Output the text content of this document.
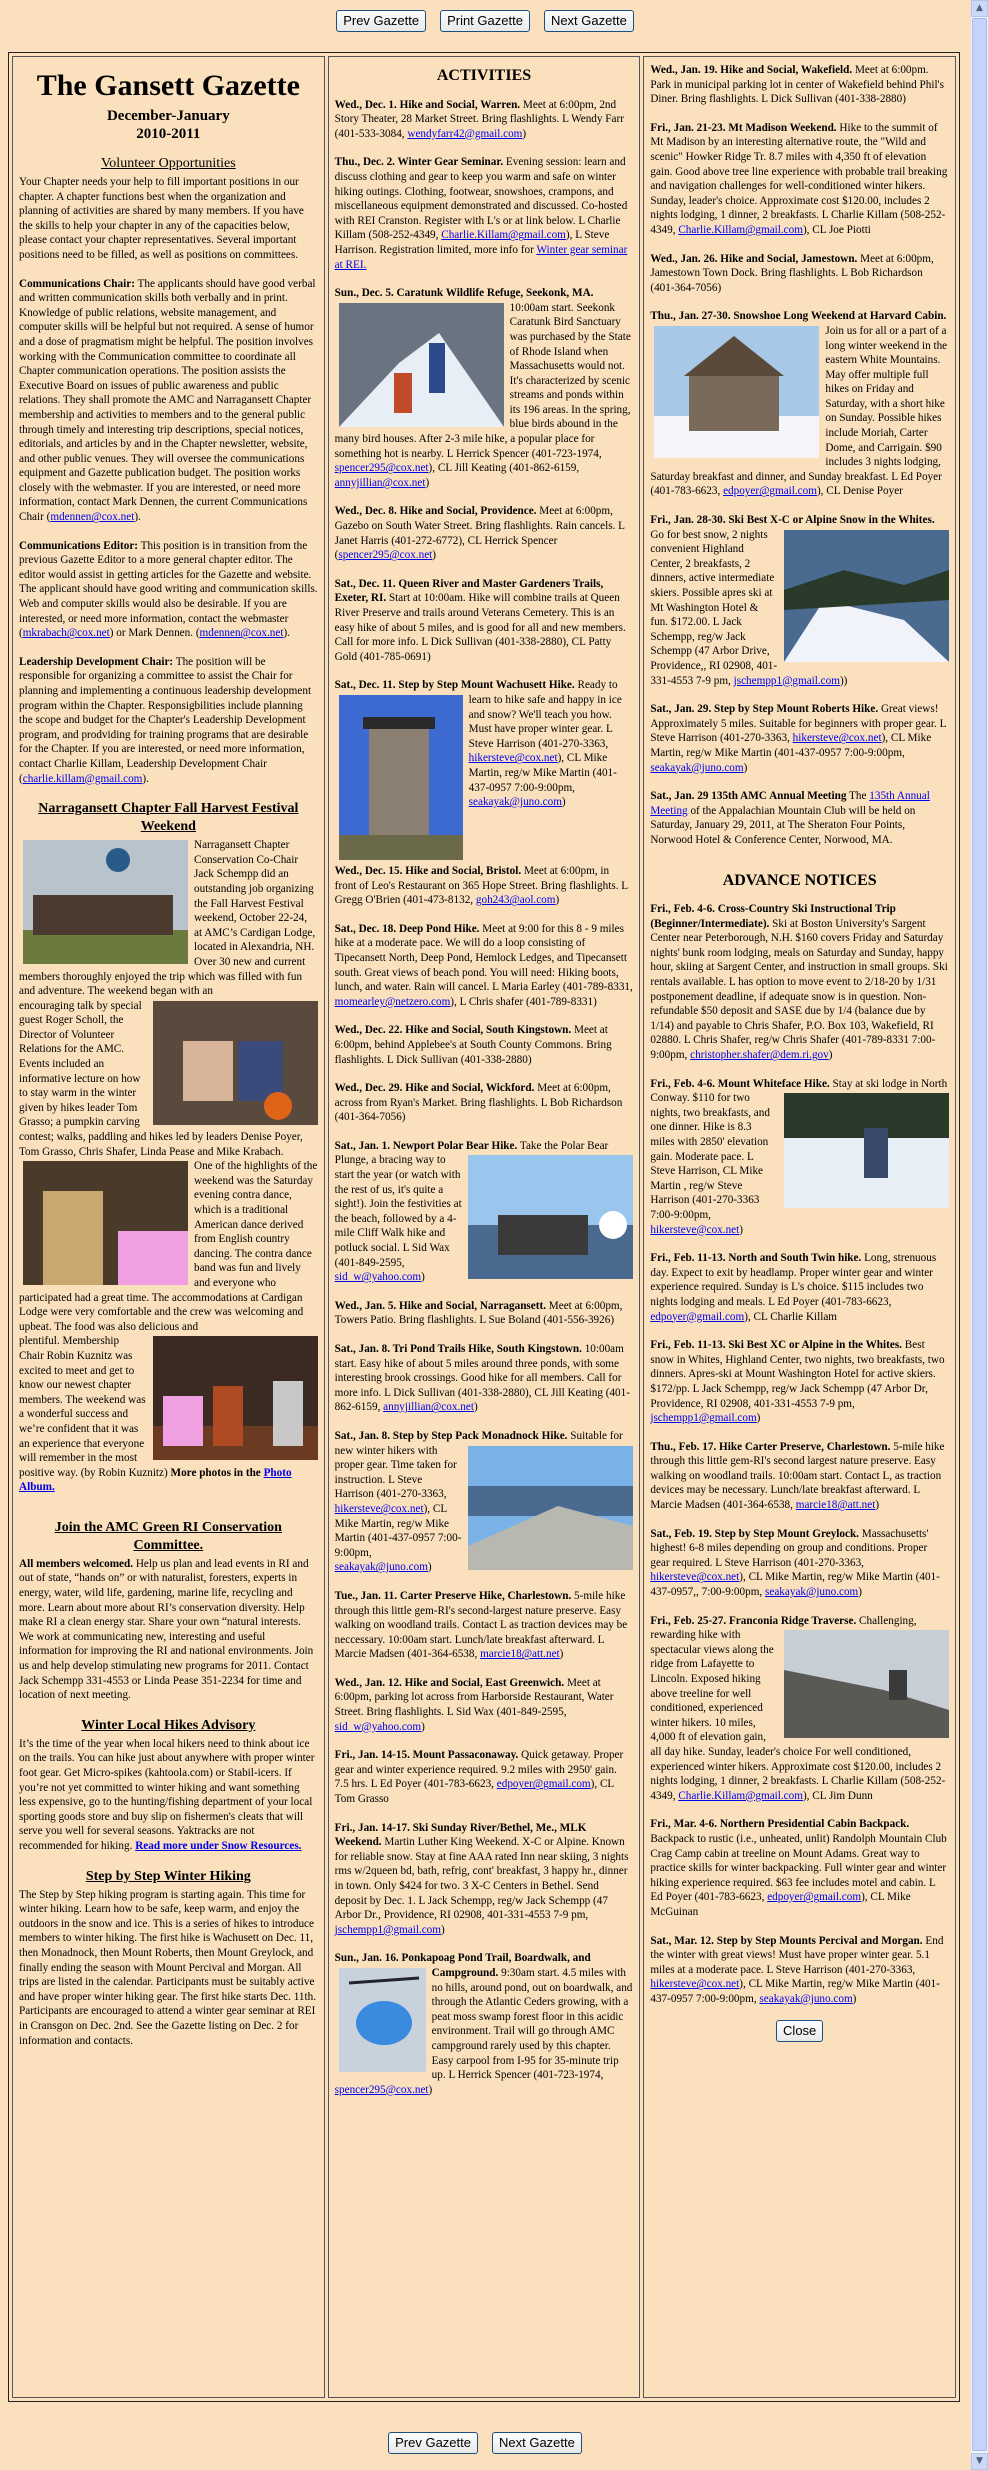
Prev Gazette Print Gazette Next Gazette
The Gansett Gazette
December-January
2010-2011
Volunteer Opportunities

Your Chapter needs your help to fill important positions in our chapter. A chapter functions best when the organization and planning of activities are shared by many members. If you have the skills to help your chapter in any of the capacities below, please contact your chapter representatives. Several important positions need to be filled, as well as positions on committees.

Communications Chair: The applicants should have good verbal and written communication skills both verbally and in print. Knowledge of public relations, website management, and computer skills will be helpful but not required. A sense of humor and a dose of pragmatism might be helpful. The position involves working with the Communication committee to coordinate all Chapter communication operations. The position assists the Executive Board on issues of public awareness and public relations. They shall promote the AMC and Narragansett Chapter membership and activities to members and to the general public through timely and interesting trip descriptions, special notices, editorials, and articles by and in the Chapter newsletter, website, and other public venues. They will oversee the communications equipment and Gazette publication budget. The position works closely with the webmaster. If you are interested, or need more information, contact Mark Dennen, the current Communications Chair (mdennen@cox.net).

Communications Editor: This position is in transition from the previous Gazette Editor to a more general chapter editor. The editor would assist in getting articles for the Gazette and website. The applicant should have good writing and communication skills. Web and computer skills would also be desirable. If you are interested, or need more information, contact the webmaster (mkrabach@cox.net) or Mark Dennen. (mdennen@cox.net).

Leadership Development Chair: The position will be responsible for organizing a committee to assist the Chair for planning and implementing a continuous leadership development program within the Chapter. Responsigbilities include planning the scope and budget for the Chapter's Leadership Development program, and prodviding for training programs that are desirable for the Chapter. If you are interested, or need more information, contact Charlie Killam, Leadership Development Chair (charlie.killam@gmail.com).

Narragansett Chapter Fall Harvest Festival Weekend

Narragansett Chapter Conservation Co-Chair Jack Schempp did an outstanding job organizing the Fall Harvest Festival weekend, October 22-24, at AMC’s Cardigan Lodge, located in Alexandria, NH. Over 30 new and current members thoroughly enjoyed the trip which was filled with fun and adventure. The weekend began with an

encouraging talk by special guest Roger Scholl, the Director of Volunteer Relations for the AMC. Events included an informative lecture on how to stay warm in the winter given by hikes leader Tom Grasso; a pumpkin carving contest; walks, paddling and hikes led by leaders Denise Poyer, Tom Grasso, Chris Shafer, Linda Pease and Mike Krabach.

One of the highlights of the weekend was the Saturday evening contra dance, which is a traditional American dance derived from English country dancing. The contra dance band was fun and lively and everyone who participated had a great time. The accommodations at Cardigan Lodge were very comfortable and the crew was welcoming and upbeat. The food was also delicious and

plentiful. Membership Chair Robin Kuznitz was excited to meet and get to know our newest chapter members. The weekend was a wonderful success and we’re confident that it was an experience that everyone will remember in the most positive way. (by Robin Kuznitz) More photos in the Photo Album.

Join the AMC Green RI Conservation Committee.

All members welcomed. Help us plan and lead events in RI and out of state, “hands on” or with naturalist, foresters, experts in energy, water, wild life, gardening, marine life, recycling and more. Learn about more about RI’s conservation diversity. Help make RI a clean energy star. Share your own “natural interests. We work at communicating new, interesting and useful information for improving the RI and national environments. Join us and help develop stimulating new programs for 2011. Contact Jack Schempp 331-4553 or Linda Pease 351-2234 for time and location of next meeting.

Winter Local Hikes Advisory

It’s the time of the year when local hikers need to think about ice on the trails. You can hike just about anywhere with proper winter foot gear. Get Micro-spikes (kahtoola.com) or Stabil-icers. If you’re not yet committed to winter hiking and want something less expensive, go to the hunting/fishing department of your local sporting goods store and buy slip on fishermen's cleats that will serve you well for several seasons. Yaktracks are not recommended for hiking. Read more under Snow Resources.

Step by Step Winter Hiking

The Step by Step hiking program is starting again. This time for winter hiking. Learn how to be safe, keep warm, and enjoy the outdoors in the snow and ice. This is a series of hikes to introduce members to winter hiking. The first hike is Wachusett on Dec. 11, then Monadnock, then Mount Roberts, then Mount Greylock, and finally ending the season with Mount Percival and Morgan. All trips are listed in the calendar. Participants must be suitably active and have proper winter hiking gear. The first hike starts Dec. 11th. Participants are encouraged to attend a winter gear seminar at REI in Cransgon on Dec. 2nd. See the Gazette listing on Dec. 2 for information and contacts.

ACTIVITIES

Wed., Dec. 1. Hike and Social, Warren. Meet at 6:00pm, 2nd Story Theater, 28 Market Street. Bring flashlights. L Wendy Farr (401-533-3084, wendyfarr42@gmail.com)

Thu., Dec. 2. Winter Gear Seminar. Evening session: learn and discuss clothing and gear to keep you warm and safe on winter hiking outings. Clothing, footwear, snowshoes, crampons, and miscellaneous equipment demonstrated and discussed. Co-hosted with REI Cranston. Register with L's or at link below. L Charlie Killam (508-252-4349, Charlie.Killam@gmail.com), L Steve Harrison. Registration limited, more info for Winter gear seminar at REI.

Sun., Dec. 5. Caratunk Wildlife Refuge, Seekonk, MA.
10:00am start. Seekonk Caratunk Bird Sanctuary was purchased by the State of Rhode Island when Massachusetts would not. It's characterized by scenic streams and ponds within its 196 areas. In the spring, blue birds abound in the many bird houses. After 2-3 mile hike, a popular place for something hot is nearby. L Herrick Spencer (401-723-1974, spencer295@cox.net), CL Jill Keating (401-862-6159, annyjillian@cox.net)

Wed., Dec. 8. Hike and Social, Providence. Meet at 6:00pm, Gazebo on South Water Street. Bring flashlights. Rain cancels. L Janet Harris (401-272-6772), CL Herrick Spencer (spencer295@cox.net)

Sat., Dec. 11. Queen River and Master Gardeners Trails, Exeter, RI. Start at 10:00am. Hike will combine trails at Queen River Preserve and trails around Veterans Cemetery. This is an easy hike of about 5 miles, and is good for all and new members. Call for more info. L Dick Sullivan (401-338-2880), CL Patty Gold (401-785-0691)

Sat., Dec. 11. Step by Step Mount Wachusett Hike.
Ready to learn to hike safe and happy in ice and snow? We'll teach you how. Must have proper winter gear. L Steve Harrison (401-270-3363, hikersteve@cox.net), CL Mike Martin, reg/w Mike Martin (401-437-0957 7:00-9:00pm, seakayak@juno.com)

Wed., Dec. 15. Hike and Social, Bristol. Meet at 6:00pm, in front of Leo's Restaurant on 365 Hope Street. Bring flashlights. L Gregg O'Brien (401-473-8132, goh243@aol.com)

Sat., Dec. 18. Deep Pond Hike. Meet at 9:00 for this 8 - 9 miles hike at a moderate pace. We will do a loop consisting of Tipecansett North, Deep Pond, Hemlock Ledges, and Tipecansett south. Great views of beach pond. You will need: Hiking boots, lunch, and water. Rain will cancel. L Maria Earley (401-789-8331, momearley@netzero.com), L Chris shafer (401-789-8331)

Wed., Dec. 22. Hike and Social, South Kingstown. Meet at 6:00pm, behind Applebee's at South County Commons. Bring flashlights. L Dick Sullivan (401-338-2880)

Wed., Dec. 29. Hike and Social, Wickford. Meet at 6:00pm, across from Ryan's Market. Bring flashlights. L Bob Richardson (401-364-7056)

Sat., Jan. 1. Newport Polar Bear Hike.
Take the Polar Bear Plunge, a bracing way to start the year (or watch with the rest of us, it's quite a sight!). Join the festivities at the beach, followed by a 4-mile Cliff Walk hike and potluck social. L Sid Wax (401-849-2595, sid_w@yahoo.com)

Wed., Jan. 5. Hike and Social, Narragansett. Meet at 6:00pm, Towers Patio. Bring flashlights. L Sue Boland (401-556-3926)

Sat., Jan. 8. Tri Pond Trails Hike, South Kingstown. 10:00am start. Easy hike of about 5 miles around three ponds, with some interesting brook crossings. Good hike for all members. Call for more info. L Dick Sullivan (401-338-2880), CL Jill Keating (401-862-6159, annyjillian@cox.net)

Sat., Jan. 8. Step by Step Pack Monadnock Hike.
Suitable for new winter hikers with proper gear. Time taken for instruction. L Steve Harrison (401-270-3363, hikersteve@cox.net), CL Mike Martin, reg/w Mike Martin (401-437-0957 7:00-9:00pm, seakayak@juno.com)

Tue., Jan. 11. Carter Preserve Hike, Charlestown. 5-mile hike through this little gem-RI's second-largest nature preserve. Easy walking on woodland trails. Contact L as traction devices may be neccessary. 10:00am start. Lunch/late breakfast afterward. L Marcie Madsen (401-364-6538, marcie18@att.net)

Wed., Jan. 12. Hike and Social, East Greenwich. Meet at 6:00pm, parking lot across from Harborside Restaurant, Water Street. Bring flashlights. L Sid Wax (401-849-2595, sid_w@yahoo.com)

Fri., Jan. 14-15. Mount Passaconaway. Quick getaway. Proper gear and winter experience required. 9.2 miles with 2950' gain. 7.5 hrs. L Ed Poyer (401-783-6623, edpoyer@gmail.com), CL Tom Grasso

Fri., Jan. 14-17. Ski Sunday River/Bethel, Me., MLK Weekend. Martin Luther King Weekend. X-C or Alpine. Known for reliable snow. Stay at fine AAA rated Inn near skiing, 3 nights rms w/2queen bd, bath, refrig, cont' breakfast, 3 happy hr., dinner in town. Only $424 for two. 3 X-C Centers in Bethel. Send deposit by Dec. 1. L Jack Schempp, reg/w Jack Schempp (47 Arbor Dr., Providence, RI 02908, 401-331-4553 7-9 pm, jschempp1@gmail.com)

Sun., Jan. 16. Ponkapoag Pond Trail, Boardwalk, and Campground.
9:30am start. 4.5 miles with no hills, around pond, out on boardwalk, and through the Atlantic Ceders growing, with a peat moss swamp forest floor in this acidic environment. Trail will go through AMC campground rarely used by this chapter. Easy carpool from I-95 for 35-minute trip up. L Herrick Spencer (401-723-1974, spencer295@cox.net)

Wed., Jan. 19. Hike and Social, Wakefield. Meet at 6:00pm. Park in municipal parking lot in center of Wakefield behind Phil's Diner. Bring flashlights. L Dick Sullivan (401-338-2880)

Fri., Jan. 21-23. Mt Madison Weekend. Hike to the summit of Mt Madison by an interesting alternative route, the "Wild and scenic" Howker Ridge Tr. 8.7 miles with 4,350 ft of elevation gain. Good above tree line experience with probable trail breaking and navigation challenges for well-conditioned winter hikers. Sunday, leader's choice. Approximate cost $120.00, includes 2 nights lodging, 1 dinner, 2 breakfasts. L Charlie Killam (508-252-4349, Charlie.Killam@gmail.com), CL Joe Piotti

Wed., Jan. 26. Hike and Social, Jamestown. Meet at 6:00pm, Jamestown Town Dock. Bring flashlights. L Bob Richardson (401-364-7056)

Thu., Jan. 27-30. Snowshoe Long Weekend at Harvard Cabin.
Join us for all or a part of a long winter weekend in the eastern White Mountains. May offer multiple full hikes on Friday and Saturday, with a short hike on Sunday. Possible hikes include Moriah, Carter Dome, and Carrigain. $90 includes 3 nights lodging, Saturday breakfast and dinner, and Sunday breakfast. L Ed Poyer (401-783-6623, edpoyer@gmail.com), CL Denise Poyer

Fri., Jan. 28-30. Ski Best X-C or Alpine Snow in the Whites.
Go for best snow, 2 nights convenient Highland Center, 2 breakfasts, 2 dinners, active intermediate skiers. Possible apres ski at Mt Washington Hotel & fun. $172.00. L Jack Schempp, reg/w Jack Schempp (47 Arbor Drive, Providence,, RI 02908, 401-331-4553 7-9 pm, jschempp1@gmail.com))

Sat., Jan. 29. Step by Step Mount Roberts Hike. Great views! Approximately 5 miles. Suitable for beginners with proper gear. L Steve Harrison (401-270-3363, hikersteve@cox.net), CL Mike Martin, reg/w Mike Martin (401-437-0957 7:00-9:00pm, seakayak@juno.com)

Sat., Jan. 29 135th AMC Annual Meeting The 135th Annual Meeting of the Appalachian Mountain Club will be held on Saturday, January 29, 2011, at The Sheraton Four Points, Norwood Hotel & Conference Center, Norwood, MA.

ADVANCE NOTICES

Fri., Feb. 4-6. Cross-Country Ski Instructional Trip (Beginner/Intermediate). Ski at Boston University's Sargent Center near Peterborough, N.H. $160 covers Friday and Saturday nights' bunk room lodging, meals on Saturday and Sunday, happy hour, skiing at Sargent Center, and instruction in small groups. Ski rentals available. L has option to move event to 2/18-20 by 1/31 postponement deadline, if adequate snow is in question. Non-refundable $50 deposit and SASE due by 1/4 (balance due by 1/14) and payable to Chris Shafer, P.O. Box 103, Wakefield, RI 02880. L Chris Shafer, reg/w Chris Shafer (401-789-8331 7:00-9:00pm, christopher.shafer@dem.ri.gov)

Fri., Feb. 4-6. Mount Whiteface Hike.
Stay at ski lodge in North Conway. $110 for two nights, two breakfasts, and one dinner. Hike is 8.3 miles with 2850' elevation gain. Moderate pace. L Steve Harrison, CL Mike Martin , reg/w Steve Harrison (401-270-3363 7:00-9:00pm, hikersteve@cox.net)

Fri., Feb. 11-13. North and South Twin hike. Long, strenuous day. Expect to exit by headlamp. Proper winter gear and winter experience required. Sunday is L's choice. $115 includes two nights lodging and meals. L Ed Poyer (401-783-6623, edpoyer@gmail.com), CL Charlie Killam

Fri., Feb. 11-13. Ski Best XC or Alpine in the Whites. Best snow in Whites, Highland Center, two nights, two breakfasts, two dinners. Apres-ski at Mount Washington Hotel for active skiers. $172/pp. L Jack Schempp, reg/w Jack Schempp (47 Arbor Dr, Providence, RI 02908, 401-331-4553 7-9 pm, jschempp1@gmail.com)

Thu., Feb. 17. Hike Carter Preserve, Charlestown. 5-mile hike through this little gem-RI's second largest nature preserve. Easy walking on woodland trails. 10:00am start. Contact L, as traction devices may be necessary. Lunch/late breakfast afterward. L Marcie Madsen (401-364-6538, marcie18@att.net)

Sat., Feb. 19. Step by Step Mount Greylock. Massachusetts' highest! 6-8 miles depending on group and conditions. Proper gear required. L Steve Harrison (401-270-3363, hikersteve@cox.net), CL Mike Martin, reg/w Mike Martin (401-437-0957,, 7:00-9:00pm, seakayak@juno.com)

Fri., Feb. 25-27. Franconia Ridge Traverse.
Challenging, rewarding hike with spectacular views along the ridge from Lafayette to Lincoln. Exposed hiking above treeline for well conditioned, experienced winter hikers. 10 miles, 4,000 ft of elevation gain, all day hike. Sunday, leader's choice For well conditioned, experienced winter hikers. Approximate cost $120.00, includes 2 nights lodging, 1 dinner, 2 breakfasts. L Charlie Killam (508-252-4349, Charlie.Killam@gmail.com), CL Jim Dunn

Fri., Mar. 4-6. Northern Presidential Cabin Backpack. Backpack to rustic (i.e., unheated, unlit) Randolph Mountain Club Crag Camp cabin at treeline on Mount Adams. Great way to practice skills for winter backpacking. Full winter gear and winter hiking experience required. $63 fee includes motel and cabin. L Ed Poyer (401-783-6623, edpoyer@gmail.com), CL Mike McGuinan

Sat., Mar. 12. Step by Step Mounts Percival and Morgan. End the winter with great views! Must have proper winter gear. 5.1 miles at a moderate pace. L Steve Harrison (401-270-3363, hikersteve@cox.net), CL Mike Martin, reg/w Mike Martin (401-437-0957 7:00-9:00pm, seakayak@juno.com)

Close
Prev Gazette Next Gazette
▲
▼
